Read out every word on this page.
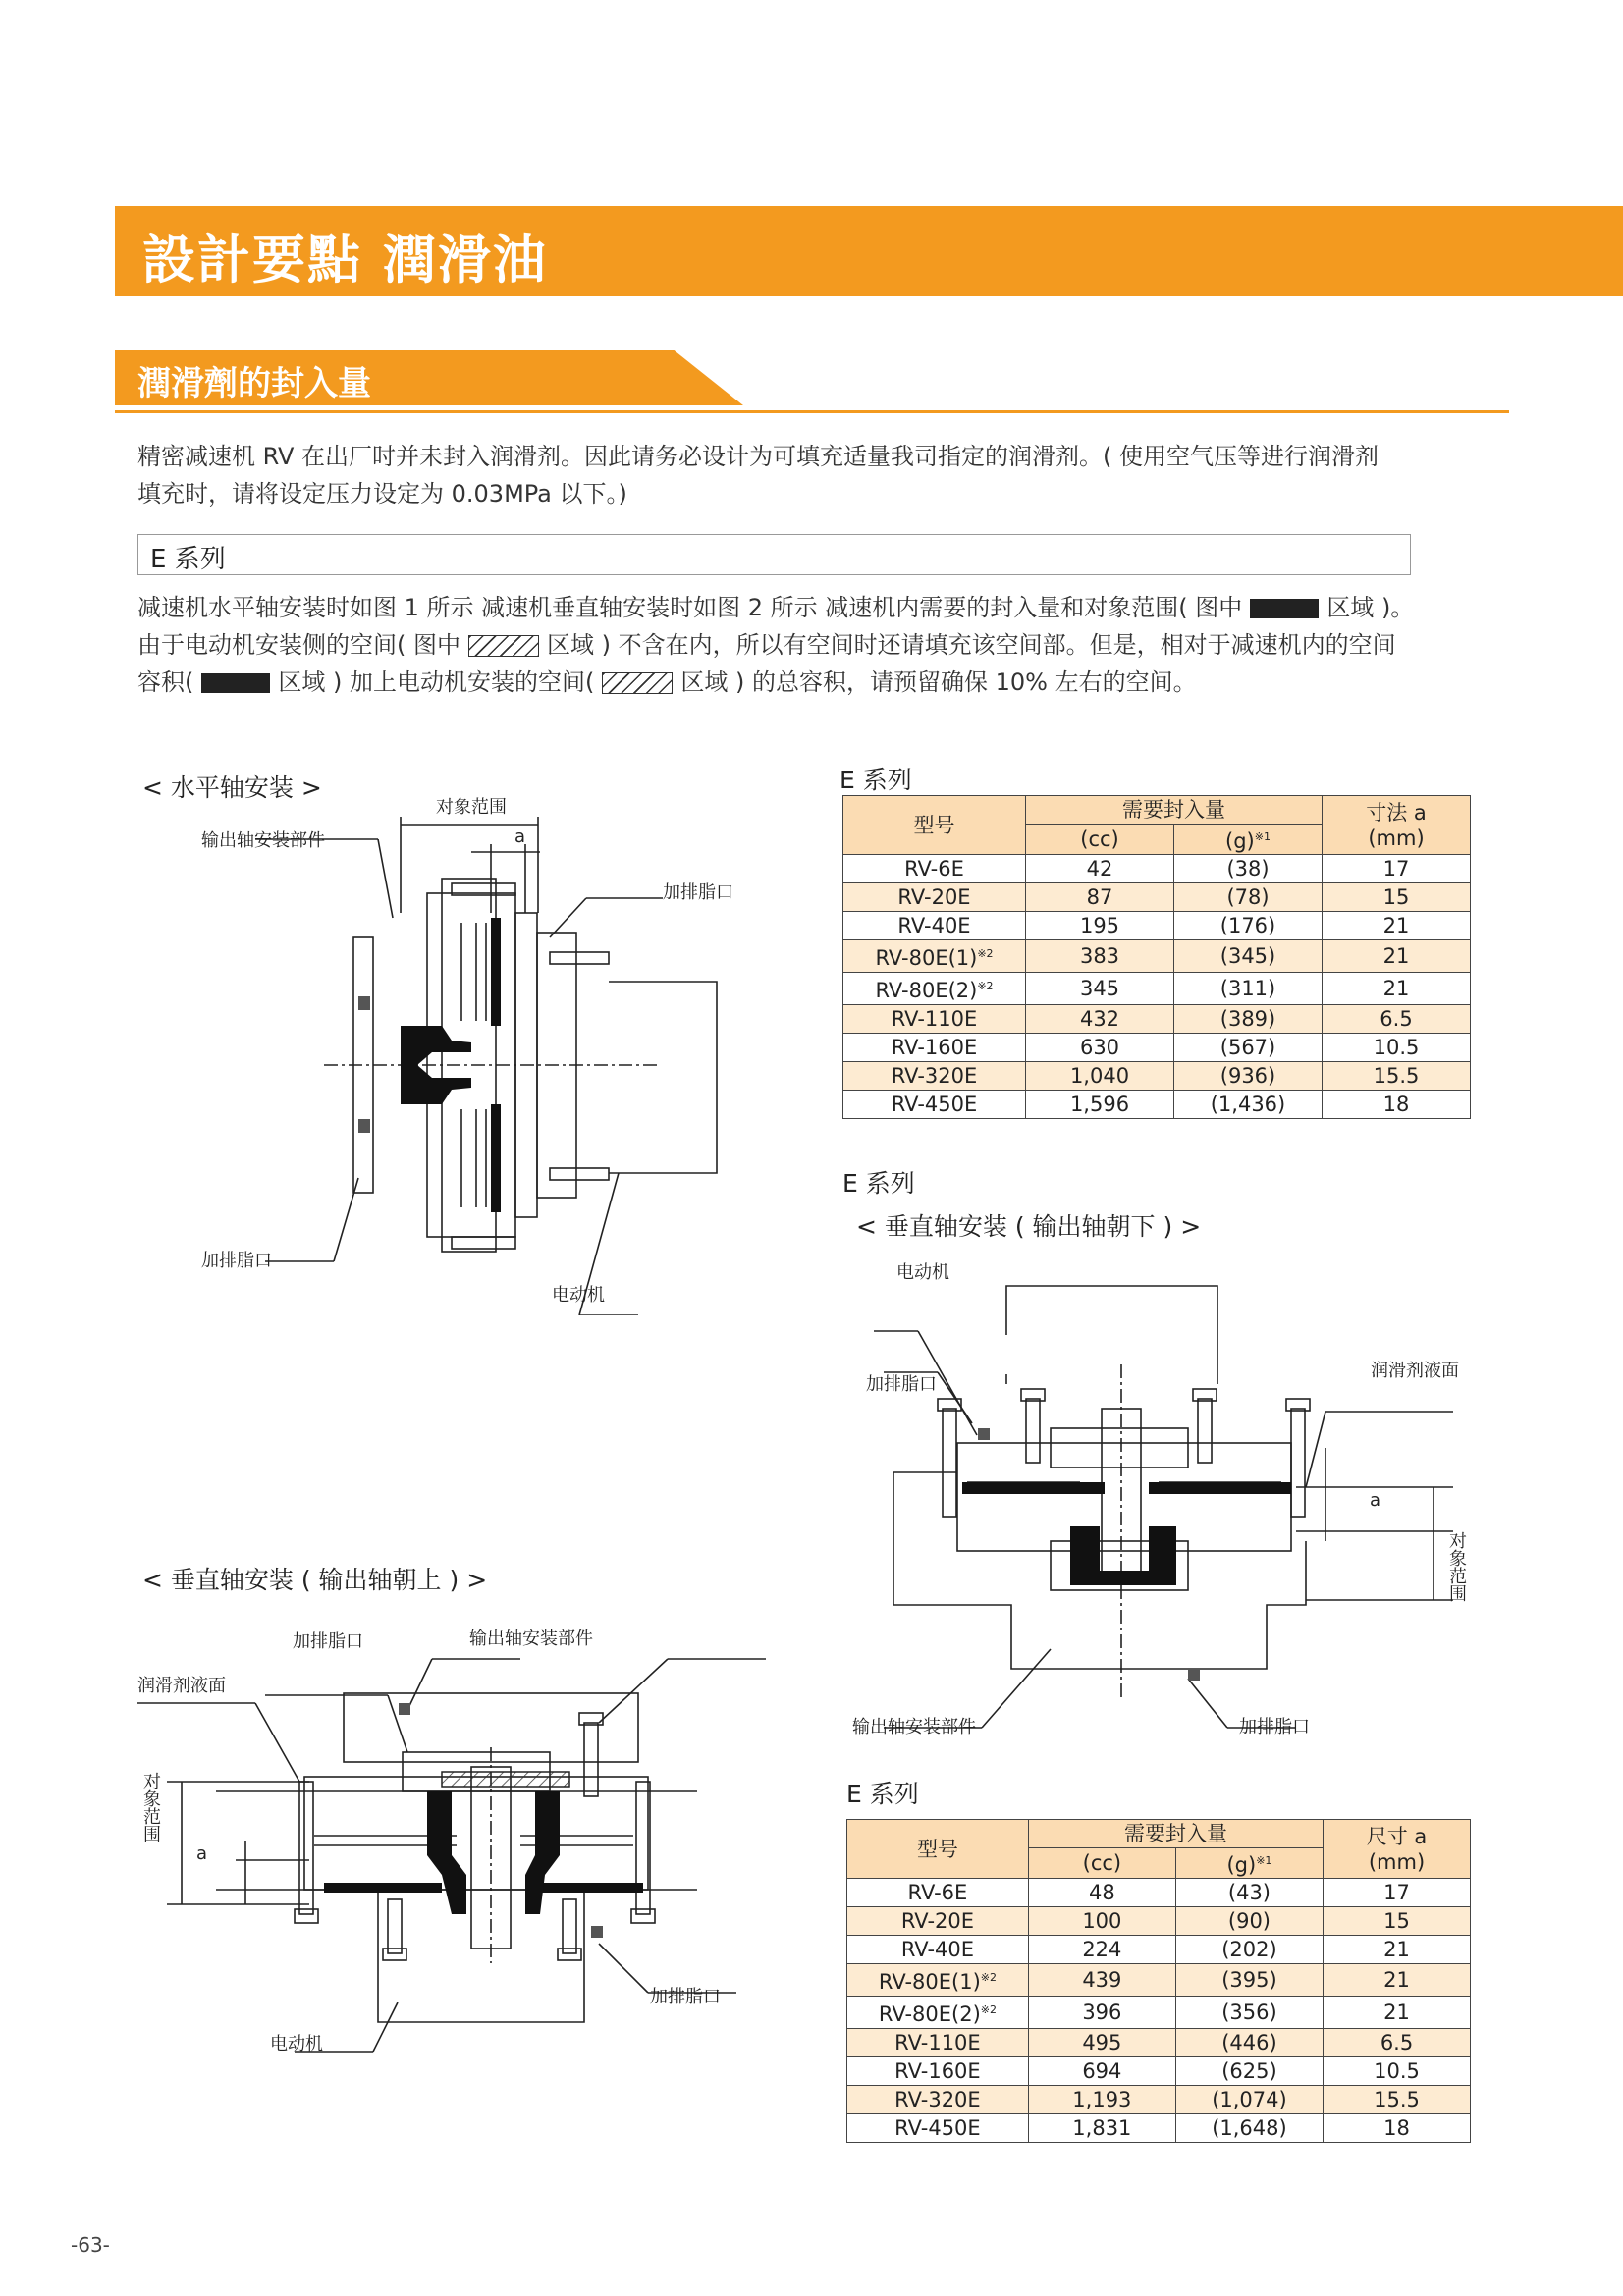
設計要點 潤滑油
潤滑劑的封入量
精密减速机 RV 在出厂时并未封入润滑剂。因此请务必设计为可填充适量我司指定的润滑剂。( 使用空气压等进行润滑剂
填充时，请将设定压力设定为 0.03MPa 以下。)
E 系列
减速机水平轴安装时如图 1 所示 减速机垂直轴安装时如图 2 所示 减速机内需要的封入量和对象范围( 图中	区域 )。
由于电动机安装侧的空间( 图中	区域 ) 不含在内，所以有空间时还请填充该空间部。但是，相对于减速机内的空间
容积(	区域 ) 加上电动机安装的空间(	区域 ) 的总容积，请预留确保 10% 左右的空间。
< 水平轴安装 >
对象范围
a
输出轴安装部件
加排脂口
加排脂口
电动机
E 系列
型号	需要封入量		寸法 a
(mm)
	(cc)	$(g)^{※1}$
RV-6E	42	(38)	17
RV-20E	87	(78)	15
RV-40E	195	(176)	21
$RV-80E(1)^{※2}$	383	(345)	21
$RV-80E(2)^{※2}$	345	(311)	21
RV-110E	432	(389)	6.5
RV-160E	630	(567)	10.5
RV-320E	1,040	(936)	15.5
RV-450E	1,596	(1,436)	18
E 系列
< 垂直轴安装 ( 输出轴朝下 ) >
电动机
加排脂口
润滑剂液面
a
对象范围
输出轴安装部件	加排脂口
< 垂直轴安装 ( 输出轴朝上 ) >
加排脂口	输出轴安装部件
润滑剂液面
对象范围
a
加排脂口
电动机
E 系列
型号	需要封入量		尺寸 a
(mm)
	(cc)	$(g)^{※1}$
RV-6E	48	(43)	17
RV-20E	100	(90)	15
RV-40E	224	(202)	21
$RV-80E(1)^{※2}$	439	(395)	21
$RV-80E(2)^{※2}$	396	(356)	21
RV-110E	495	(446)	6.5
RV-160E	694	(625)	10.5
RV-320E	1,193	(1,074)	15.5
RV-450E	1,831	(1,648)	18
-63-
